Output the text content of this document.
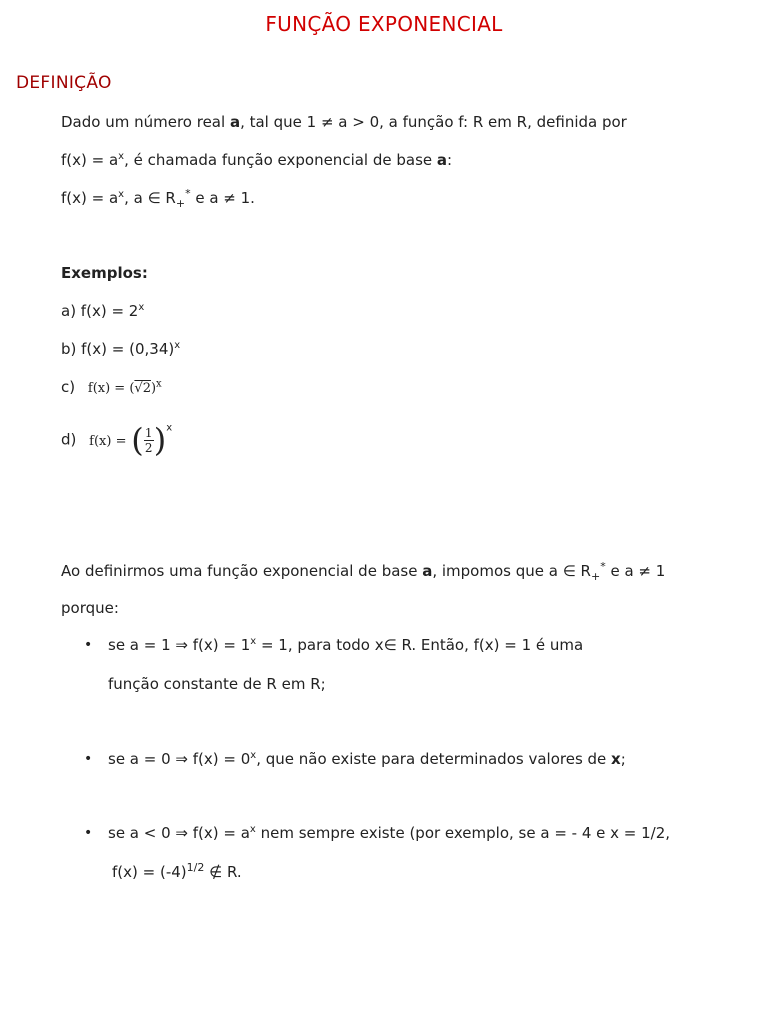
FUNÇÃO EXPONENCIAL
DEFINIÇÃO
Dado um número real a, tal que 1 ≠ a > 0, a função f: R em R, definida por
$f(x) = a^x$, é chamada função exponencial de base a:
$f(x) = a^x$, a ∈ $R_+^*$ e a ≠ 1.
Exemplos:
a) $f(x) = 2^x$
b) $f(x) = (0,34)^x$
c) $f(x) = (√2)^x$
d) f(x) = ( $\frac{1}{2} )^x$
Ao definirmos uma função exponencial de base a, impomos que a ∈ $R_+^*$ e a ≠ 1
porque:
• se a = 1 ⇒ $f(x) = 1^x = 1$, para todo x∈ R. Então, f(x) = 1 é uma
função constante de R em R;
• se a = 0 ⇒ $f(x) = 0^x$, que não existe para determinados valores de x;
• se a < 0 ⇒ $f(x) = a^x$ nem sempre existe (por exemplo, se a = - 4 e x = 1/2,
$f(x) = (-4)^{1/2}$ ∉ R.
